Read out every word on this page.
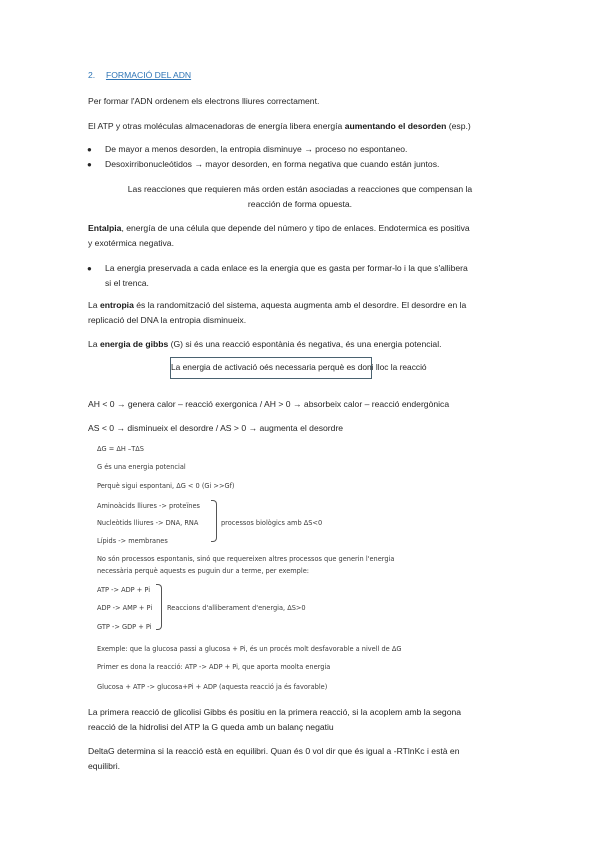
2. FORMACIÓ DEL ADN
Per formar l'ADN ordenem els electrons lliures correctament.
El ATP y otras moléculas almacenadoras de energía libera energía aumentando el desorden (esp.)
● De mayor a menos desorden, la entropia disminuye → proceso no espontaneo.
● Desoxirribonucleótidos → mayor desorden, en forma negativa que cuando están juntos.
Las reacciones que requieren más orden están asociadas a reacciones que compensan la
reacción de forma opuesta.
Entalpia, energía de una célula que depende del número y tipo de enlaces. Endotermica es positiva
y exotérmica negativa.
● La energia preservada a cada enlace es la energia que es gasta per formar-lo i la que s'allibera
si el trenca.
La entropia és la randomització del sistema, aquesta augmenta amb el desordre. El desordre en la
replicació del DNA la entropia disminueix.
La energia de gibbs (G) si és una reacció espontània és negativa, és una energia potencial.
La energia de activació oés necessaria perquè es doni lloc la reacció
AH < 0 → genera calor – reacció exergonica / AH > 0 → absorbeix calor – reacció endergònica
AS < 0 → disminueix el desordre / AS > 0 → augmenta el desordre
ΔG = ΔH –TΔS
G és una energia potencial
Perquè sigui espontani, ΔG < 0 (Gi >>Gf)
Aminoàcids lliures -> proteïnes
Nucleòtids lliures -> DNA, RNA	processos biològics amb ΔS<0
Lípids -> membranes
No són processos espontanis, sinó que requereixen altres processos que generin l'energia
necessària perquè aquests es puguin dur a terme, per exemple:
ATP -> ADP + Pi
ADP -> AMP + Pi Reaccions d'alliberament d'energia, ΔS>0
GTP -> GDP + Pi
Exemple: que la glucosa passi a glucosa + Pi, és un procés molt desfavorable a nivell de ΔG
Primer es dona la reacció: ATP -> ADP + Pi, que aporta moolta energia
Glucosa + ATP -> glucosa+Pi + ADP (aquesta reacció ja és favorable)
La primera reacció de glicolisi Gibbs és positiu en la primera reacció, si la acoplem amb la segona
reacció de la hidrolisi del ATP la G queda amb un balanç negatiu
DeltaG determina si la reacció està en equilibri. Quan és 0 vol dir que és igual a -RTlnKc i està en
equilibri.
